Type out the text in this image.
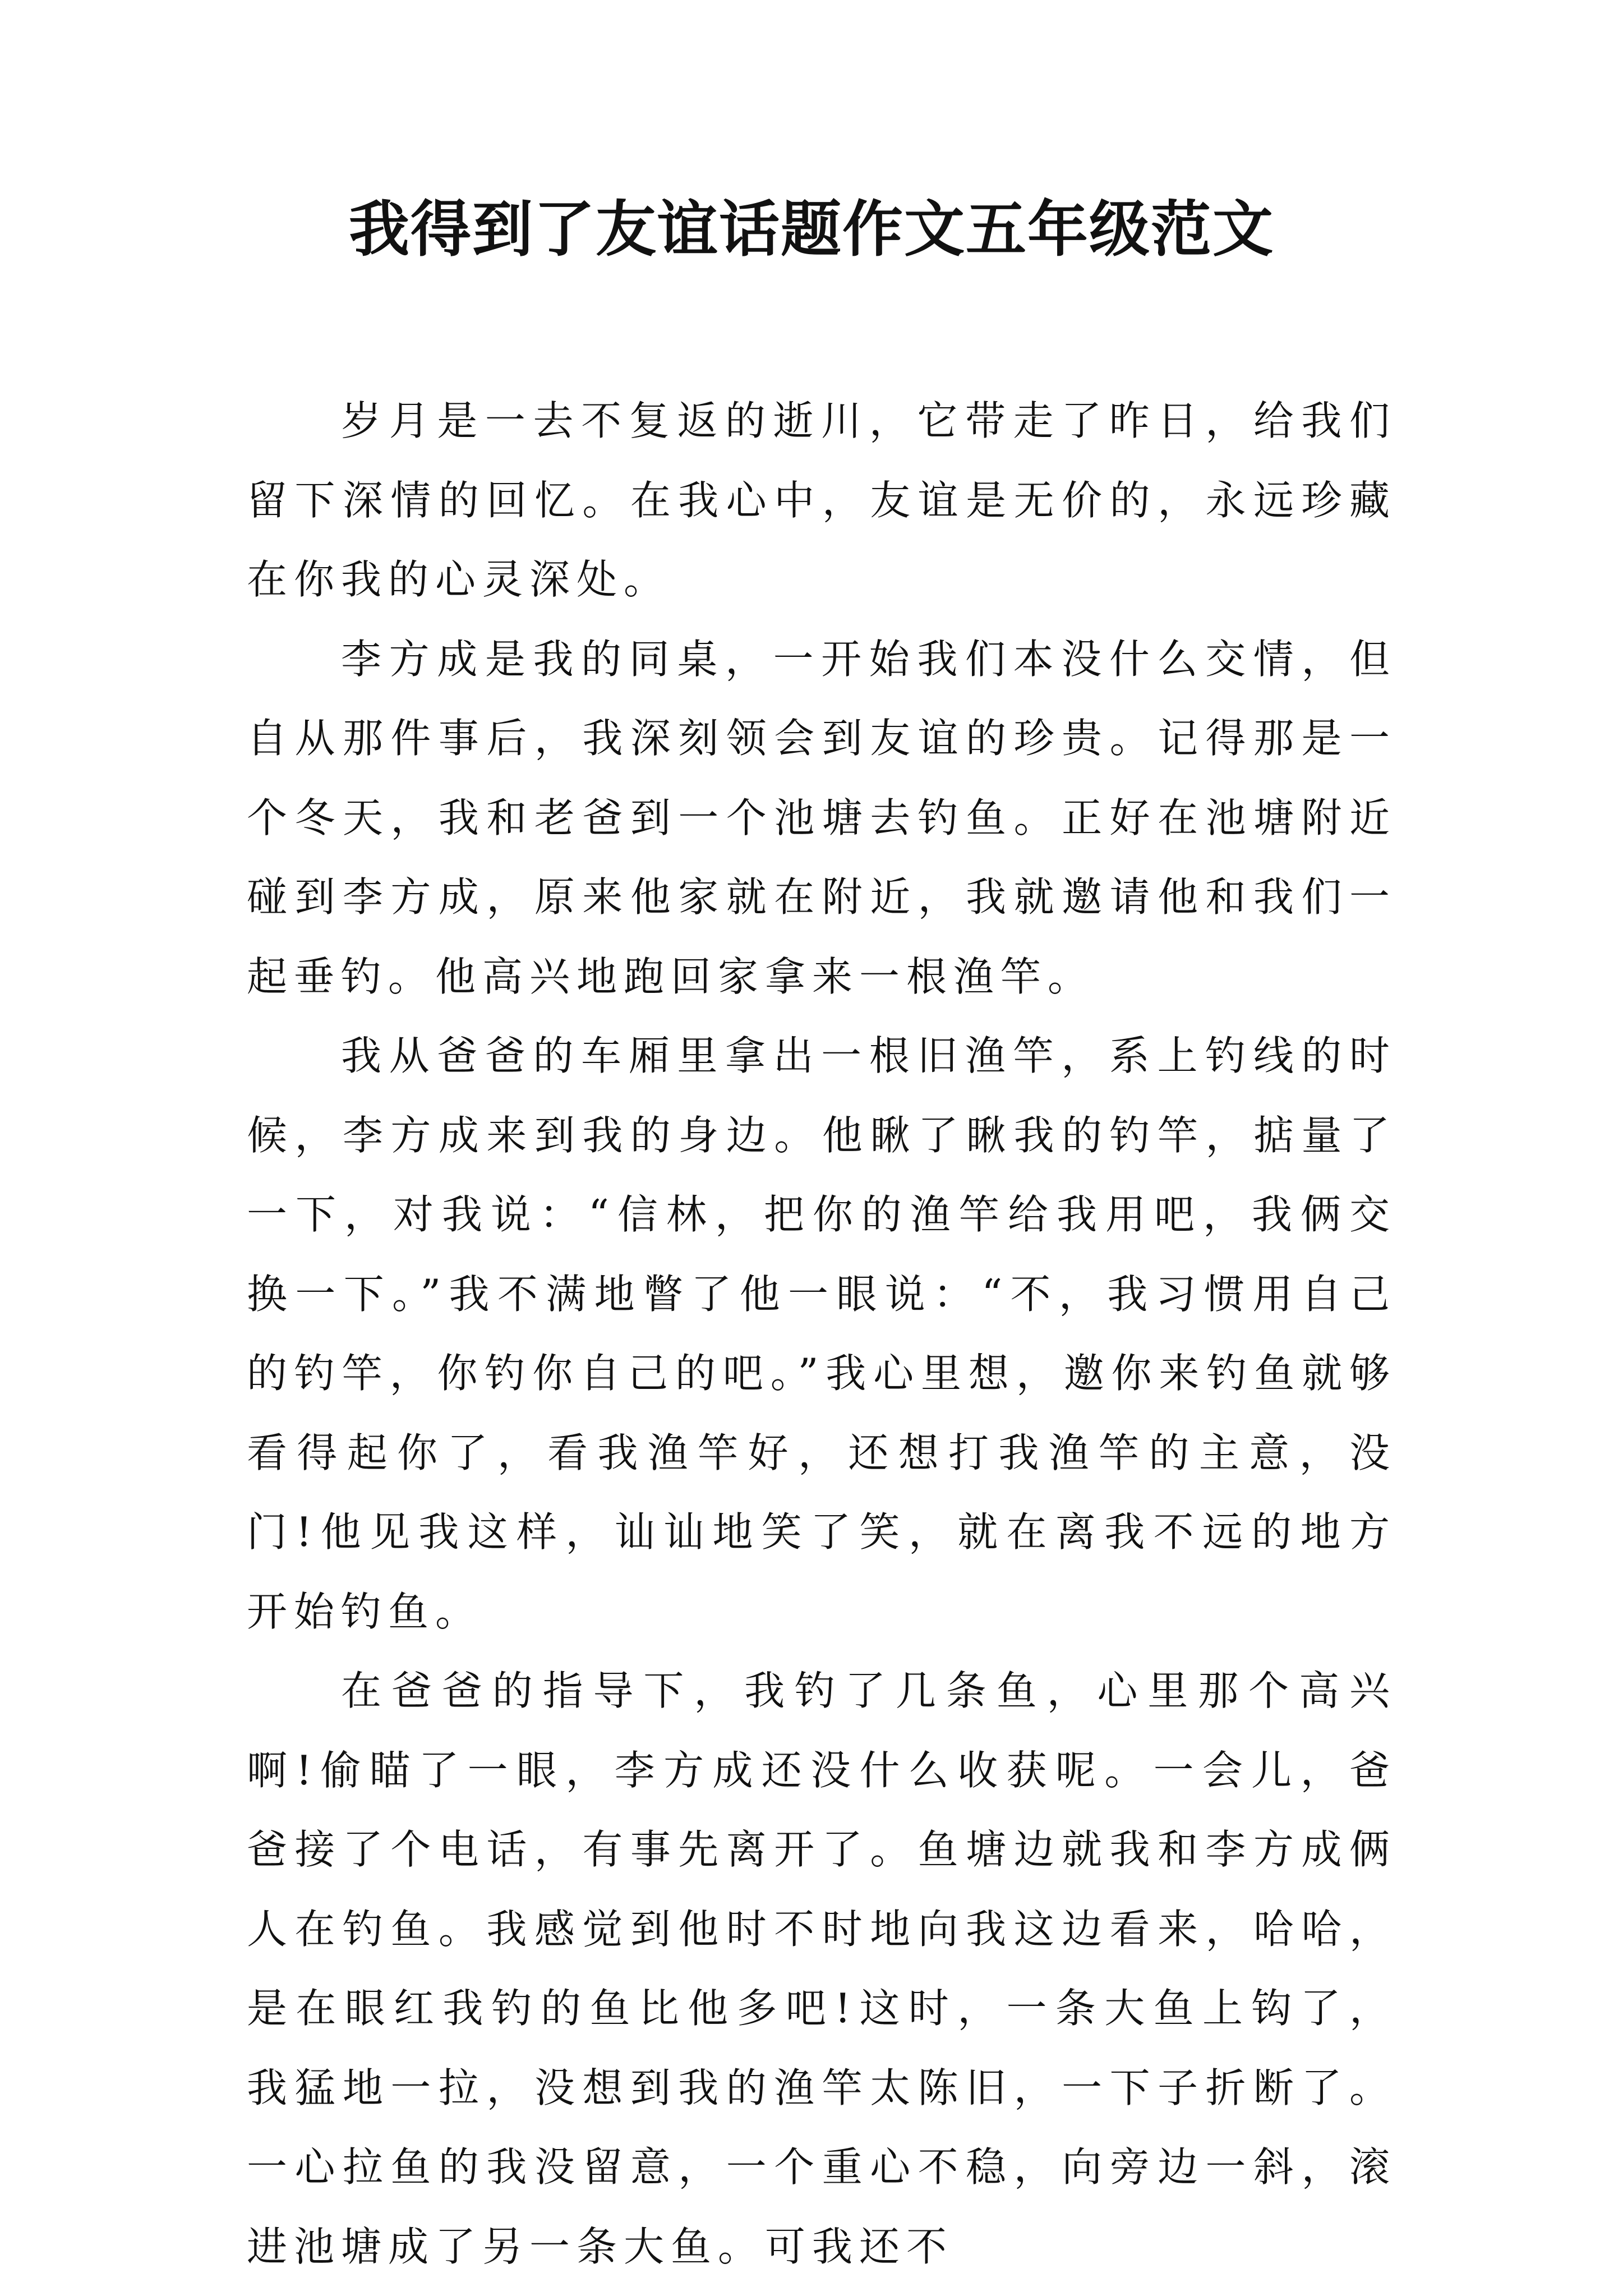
我得到了友谊话题作文五年级范文

岁月是一去不复返的逝川，它带走了昨日，给我们留下深情的回忆。在我心中，友谊是无价的，永远珍藏在你我的心灵深处。

李方成是我的同桌，一开始我们本没什么交情，但自从那件事后，我深刻领会到友谊的珍贵。记得那是一个冬天，我和老爸到一个池塘去钓鱼。正好在池塘附近碰到李方成，原来他家就在附近，我就邀请他和我们一起垂钓。他高兴地跑回家拿来一根渔竿。

我从爸爸的车厢里拿出一根旧渔竿，系上钓线的时候，李方成来到我的身边。他瞅了瞅我的钓竿，掂量了一下，对我说：“信林，把你的渔竿给我用吧，我俩交换一下。”我不满地瞥了他一眼说：“不，我习惯用自己的钓竿，你钓你自己的吧。”我心里想，邀你来钓鱼就够看得起你了，看我渔竿好，还想打我渔竿的主意，没门!他见我这样，讪讪地笑了笑，就在离我不远的地方开始钓鱼。

在爸爸的指导下，我钓了几条鱼，心里那个高兴啊!偷瞄了一眼，李方成还没什么收获呢。一会儿，爸爸接了个电话，有事先离开了。鱼塘边就我和李方成俩人在钓鱼。我感觉到他时不时地向我这边看来，哈哈，是在眼红我钓的鱼比他多吧!这时，一条大鱼上钩了，我猛地一拉，没想到我的渔竿太陈旧，一下子折断了。一心拉鱼的我没留意，一个重心不稳，向旁边一斜，滚进池塘成了另一条大鱼。可我还不
